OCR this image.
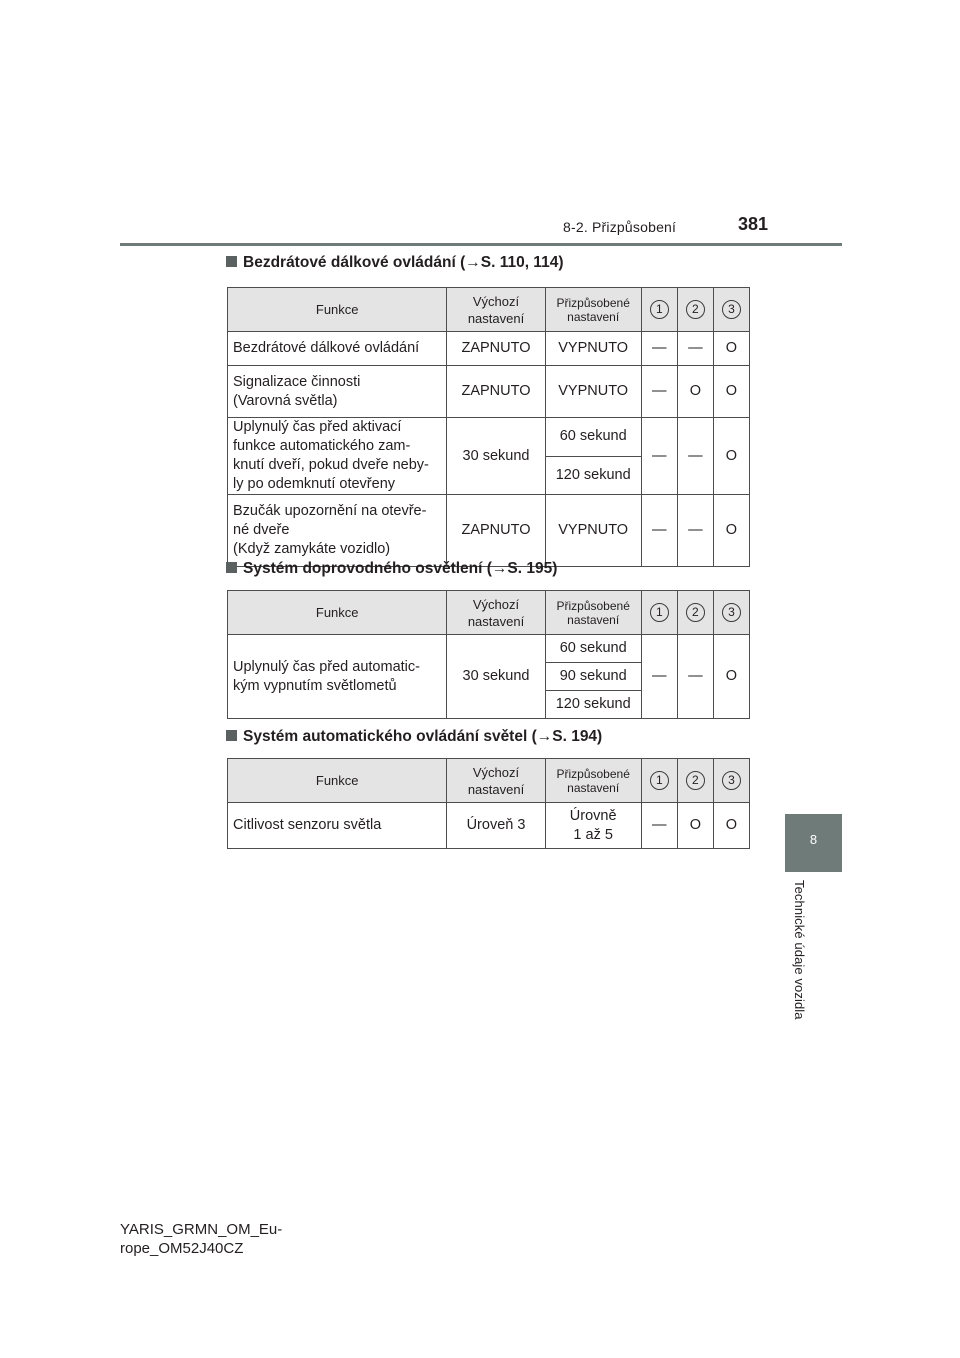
8-2. Přizpůsobení	381
8
Technické údaje vozidla
Bezdrátové dálkové ovládání (→S. 110, 114)
Funkce	Výchozí nastavení	Přizpůsobené nastavení	1	2	3
Bezdrátové dálkové ovládání	ZAPNUTO	VYPNUTO	—	—	O
Signalizace činnosti
(Varovná světla)	ZAPNUTO	VYPNUTO	—	O	O
Uplynulý čas před aktivací
funkce automatického zam-
knutí dveří, pokud dveře neby-
ly po odemknutí otevřeny	30 sekund	60 sekund	—	—	O
		120 sekund			
Bzučák upozornění na otevře-
né dveře
(Když zamykáte vozidlo)	ZAPNUTO	VYPNUTO	—	—	O
Systém doprovodného osvětlení (→S. 195)
Funkce	Výchozí nastavení	Přizpůsobené nastavení	1	2	3
Uplynulý čas před automatic-
kým vypnutím světlometů	30 sekund	60 sekund	—	—	O
		90 sekund			
		120 sekund			
Systém automatického ovládání světel (→S. 194)
Funkce	Výchozí nastavení	Přizpůsobené nastavení	1	2	3
Citlivost senzoru světla	Úroveň 3	Úrovně
1 až 5	—	O	O
YARIS_GRMN_OM_Eu-
rope_OM52J40CZ
